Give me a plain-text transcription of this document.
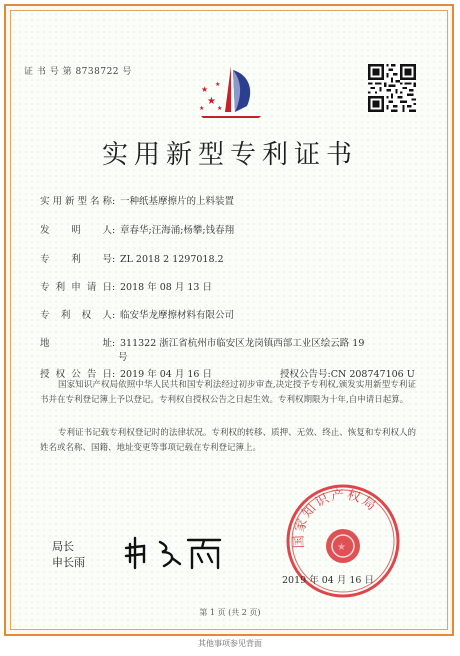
证 书 号 第 8738722 号
★
★
★
★
★
实用新型专利证书
实用新型名称: 一种纸基摩擦片的上料装置
发 明 人: 章春华;汪海涌;杨攀;钱春翔
专 利 号: ZL 2018 2 1297018.2
专利申请日: 2018 年 08 月 13 日
专利权人: 临安华龙摩擦材料有限公司
地 址: 311322 浙江省杭州市临安区龙岗镇西部工业区绘云路 19
号
授权公告日: 2019 年 04 月 16 日	授权公告号:CN 208747106 U
国家知识产权局依照中华人民共和国专利法经过初步审查,决定授予专利权,颁发实用新型专利证书并在专利登记簿上予以登记。专利权自授权公告之日起生效。专利权期限为十年,自申请日起算。
专利证书记载专利权登记时的法律状况。专利权的转移、质押、无效、终止、恢复和专利权人的姓名或名称、国籍、地址变更等事项记载在专利登记簿上。
局长
申长雨
国家知识产权局
★
2019 年 04 月 16 日
第 1 页 (共 2 页)
其他事项参见背面
